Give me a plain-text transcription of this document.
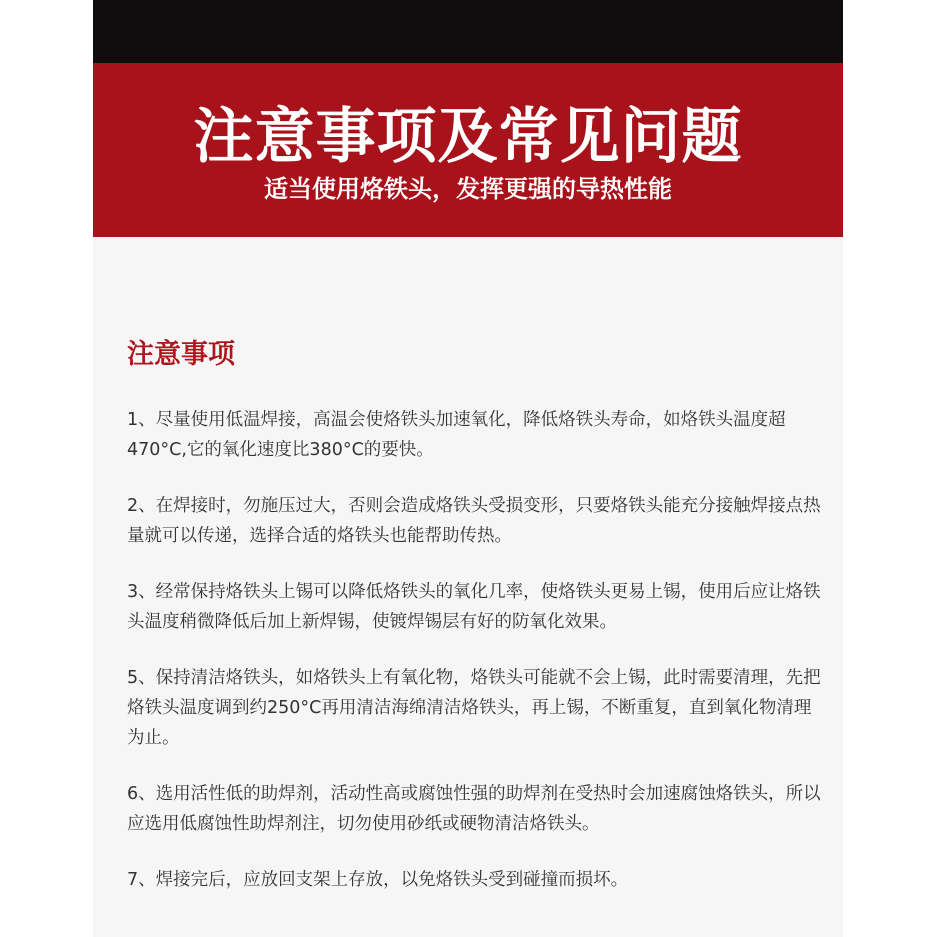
注意事项及常见问题
适当使用烙铁头，发挥更强的导热性能
注意事项

1、尽量使用低温焊接，高温会使烙铁头加速氧化，降低烙铁头寿命，如烙铁头温度超470°C,它的氧化速度比380°C的要快。

2、在焊接时，勿施压过大，否则会造成烙铁头受损变形，只要烙铁头能充分接触焊接点热量就可以传递，选择合适的烙铁头也能帮助传热。

3、经常保持烙铁头上锡可以降低烙铁头的氧化几率，使烙铁头更易上锡，使用后应让烙铁头温度稍微降低后加上新焊锡，使镀焊锡层有好的防氧化效果。

5、保持清洁烙铁头，如烙铁头上有氧化物，烙铁头可能就不会上锡，此时需要清理，先把烙铁头温度调到约250°C再用清洁海绵清洁烙铁头，再上锡，不断重复，直到氧化物清理为止。

6、选用活性低的助焊剂，活动性高或腐蚀性强的助焊剂在受热时会加速腐蚀烙铁头，所以应选用低腐蚀性助焊剂注，切勿使用砂纸或硬物清洁烙铁头。

7、焊接完后，应放回支架上存放，以免烙铁头受到碰撞而损坏。
